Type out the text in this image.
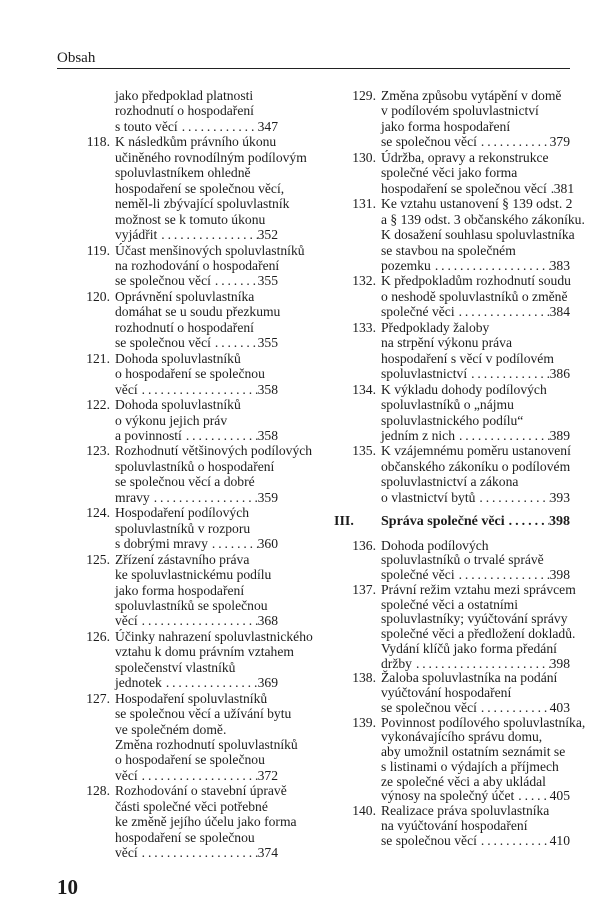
Obsah
jako předpoklad platnosti
rozhodnutí o hospodaření
s touto věcí . . .	347
118. K následkům právního úkonu
učiněného rovnodílným podílovým
spoluvlastníkem ohledně
hospodaření se společnou věcí,
neměl-li zbývající spoluvlastník
možnost se k tomuto úkonu
vyjádřit . . .	352
119. Účast menšinových spoluvlastníků
na rozhodování o hospodaření
se společnou věcí . . .	355
120. Oprávnění spoluvlastníka
domáhat se u soudu přezkumu
rozhodnutí o hospodaření
se společnou věcí . . .	355
121. Dohoda spoluvlastníků
o hospodaření se společnou
věcí . . .	358
122. Dohoda spoluvlastníků
o výkonu jejich práv
a povinností . . .	358
123. Rozhodnutí většinových podílových
spoluvlastníků o hospodaření
se společnou věcí a dobré
mravy . . .	359
124. Hospodaření podílových
spoluvlastníků v rozporu
s dobrými mravy . . .	360
125. Zřízení zástavního práva
ke spoluvlastnickému podílu
jako forma hospodaření
spoluvlastníků se společnou
věcí . . .	368
126. Účinky nahrazení spoluvlastnického
vztahu k domu právním vztahem
společenství vlastníků
jednotek . . .	369
127. Hospodaření spoluvlastníků
se společnou věcí a užívání bytu
ve společném domě.
Změna rozhodnutí spoluvlastníků
o hospodaření se společnou
věcí . . .	372
128. Rozhodování o stavební úpravě
části společné věci potřebné
ke změně jejího účelu jako forma
hospodaření se společnou
věcí . . .	374
129. Změna způsobu vytápění v domě
v podílovém spoluvlastnictví
jako forma hospodaření
se společnou věcí . . .	379
130. Údržba, opravy a rekonstrukce
společné věci jako forma
hospodaření se společnou věcí . . . 381
131. Ke vztahu ustanovení § 139 odst. 2
a § 139 odst. 3 občanského zákoníku.
K dosažení souhlasu spoluvlastníka
se stavbou na společném
pozemku . . .	383
132. K předpokladům rozhodnutí soudu
o neshodě spoluvlastníků o změně
společné věci . . .	384
133. Předpoklady žaloby
na strpění výkonu práva
hospodaření s věcí v podílovém
spoluvlastnictví . . .	386
134. K výkladu dohody podílových
spoluvlastníků o „nájmu
spoluvlastnického podílu“
jedním z nich . . .	389
135. K vzájemnému poměru ustanovení
občanského zákoníku o podílovém
spoluvlastnictví a zákona
o vlastnictví bytů . . .	393
III.	Správa společné věci . . .	398
136. Dohoda podílových
spoluvlastníků o trvalé správě
společné věci . . .	398
137. Právní režim vztahu mezi správcem
společné věci a ostatními
spoluvlastníky; vyúčtování správy
společné věci a předložení dokladů.
Vydání klíčů jako forma předání
držby . . .	398
138. Žaloba spoluvlastníka na podání
vyúčtování hospodaření
se společnou věcí . . .	403
139. Povinnost podílového spoluvlastníka,
vykonávajícího správu domu,
aby umožnil ostatním seznámit se
s listinami o výdajích a příjmech
ze společné věci a aby ukládal
výnosy na společný účet . . .	405
140. Realizace práva spoluvlastníka
na vyúčtování hospodaření
se společnou věcí . . .	410
10
